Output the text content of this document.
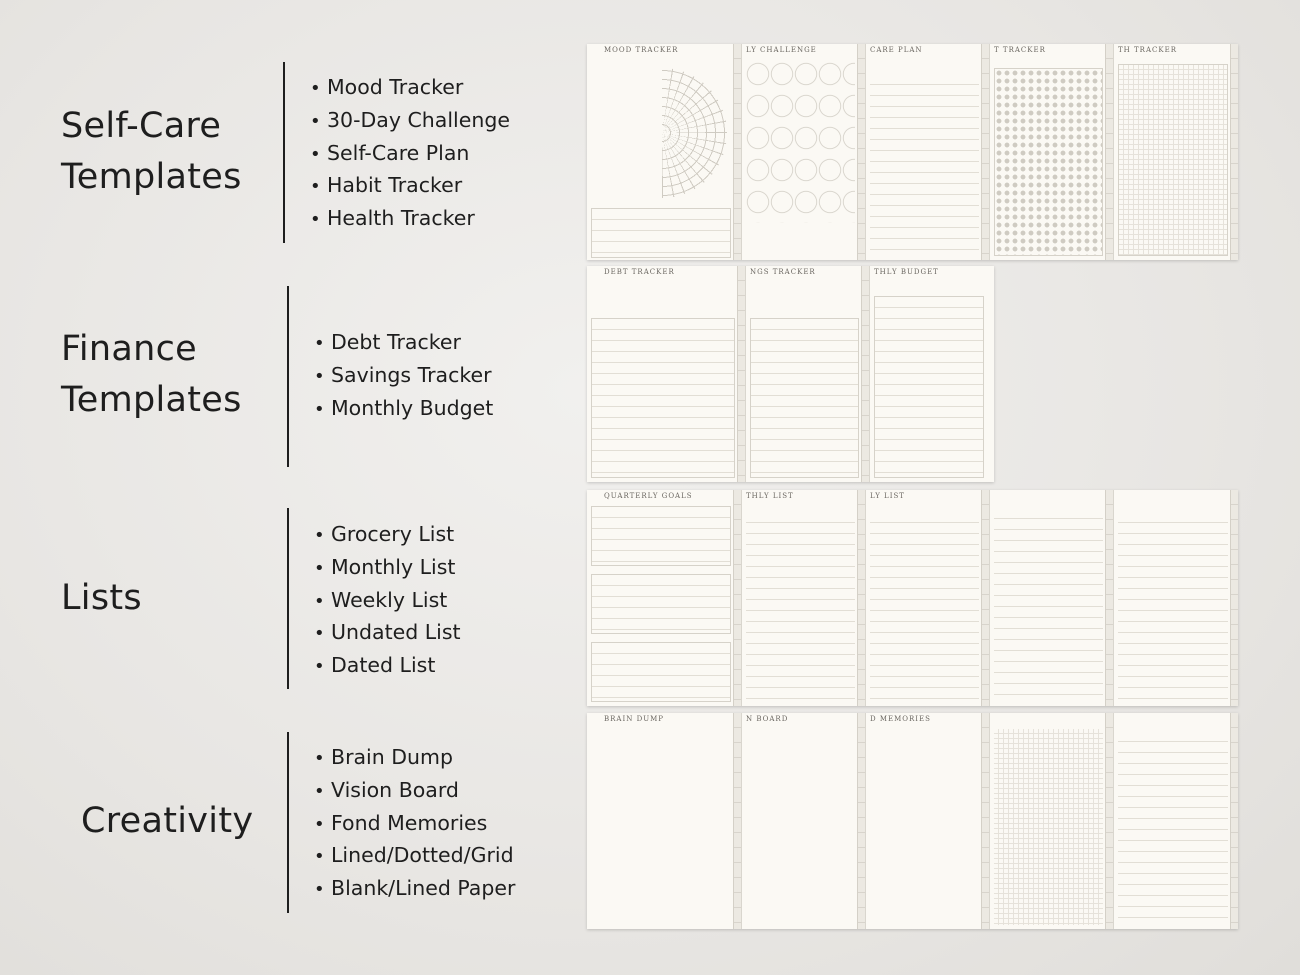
Self-Care
Templates
• Mood Tracker
• 30-Day Challenge
• Self-Care Plan
• Habit Tracker
• Health Tracker
Finance
Templates
• Debt Tracker
• Savings Tracker
• Monthly Budget
Lists
• Grocery List
• Monthly List
• Weekly List
• Undated List
• Dated List
Creativity
• Brain Dump
• Vision Board
• Fond Memories
• Lined/Dotted/Grid
• Blank/Lined Paper
MOOD TRACKER	LY CHALLENGE	CARE PLAN	T TRACKER	TH TRACKER
DEBT TRACKER	NGS TRACKER	THLY BUDGET
QUARTERLY GOALS	THLY LIST	LY LIST
BRAIN DUMP	N BOARD	D MEMORIES
